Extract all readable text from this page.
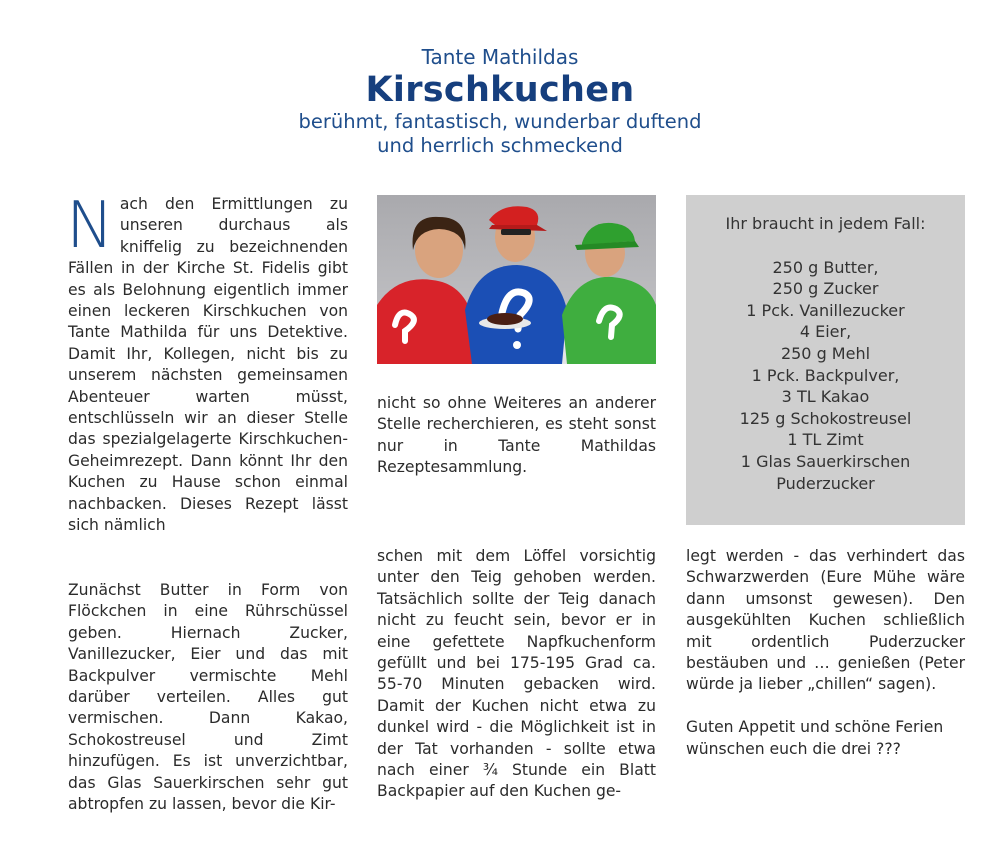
Tante Mathildas
Kirschkuchen
berühmt, fantastisch, wunderbar duftend
und herrlich schmeckend
N ach den Ermittlungen zu unseren durchaus als kniffelig zu bezeichnenden Fällen in der Kirche St. Fidelis gibt es als Belohnung eigentlich immer einen leckeren Kirschkuchen von Tante Mathilda für uns Detektive. Damit Ihr, Kollegen, nicht bis zu unserem nächsten gemeinsamen Abenteuer warten müsst, entschlüsseln wir an dieser Stelle das spezialgelagerte Kirschkuchen-Geheimrezept. Dann könnt Ihr den Kuchen zu Hause schon einmal nachbacken. Dieses Rezept lässt sich nämlich

nicht so ohne Weiteres an anderer Stelle recherchieren, es steht sonst nur in Tante Mathildas Rezeptesammlung.

Ihr braucht in jedem Fall:
250 g Butter,
250 g Zucker
1 Pck. Vanillezucker
4 Eier,
250 g Mehl
1 Pck. Backpulver,
3 TL Kakao
125 g Schokostreusel
1 TL Zimt
1 Glas Sauerkirschen
Puderzucker

Zunächst Butter in Form von Flöckchen in eine Rührschüssel geben. Hiernach Zucker, Vanillezucker, Eier und das mit Backpulver vermischte Mehl darüber verteilen. Alles gut vermischen. Dann Kakao, Schokostreusel und Zimt hinzufügen. Es ist unverzichtbar, das Glas Sauerkirschen sehr gut abtropfen zu lassen, bevor die Kir-

schen mit dem Löffel vorsichtig unter den Teig gehoben werden. Tatsächlich sollte der Teig danach nicht zu feucht sein, bevor er in eine gefettete Napfkuchenform gefüllt und bei 175-195 Grad ca. 55-70 Minuten gebacken wird. Damit der Kuchen nicht etwa zu dunkel wird - die Möglichkeit ist in der Tat vorhanden - sollte etwa nach einer ¾ Stunde ein Blatt Backpapier auf den Kuchen ge-

legt werden - das verhindert das Schwarzwerden (Eure Mühe wäre dann umsonst gewesen). Den ausgekühlten Kuchen schließlich mit ordentlich Puderzucker bestäuben und … genießen (Peter würde ja lieber „chillen“ sagen).

Guten Appetit und schöne Ferien wünschen euch die drei ???
